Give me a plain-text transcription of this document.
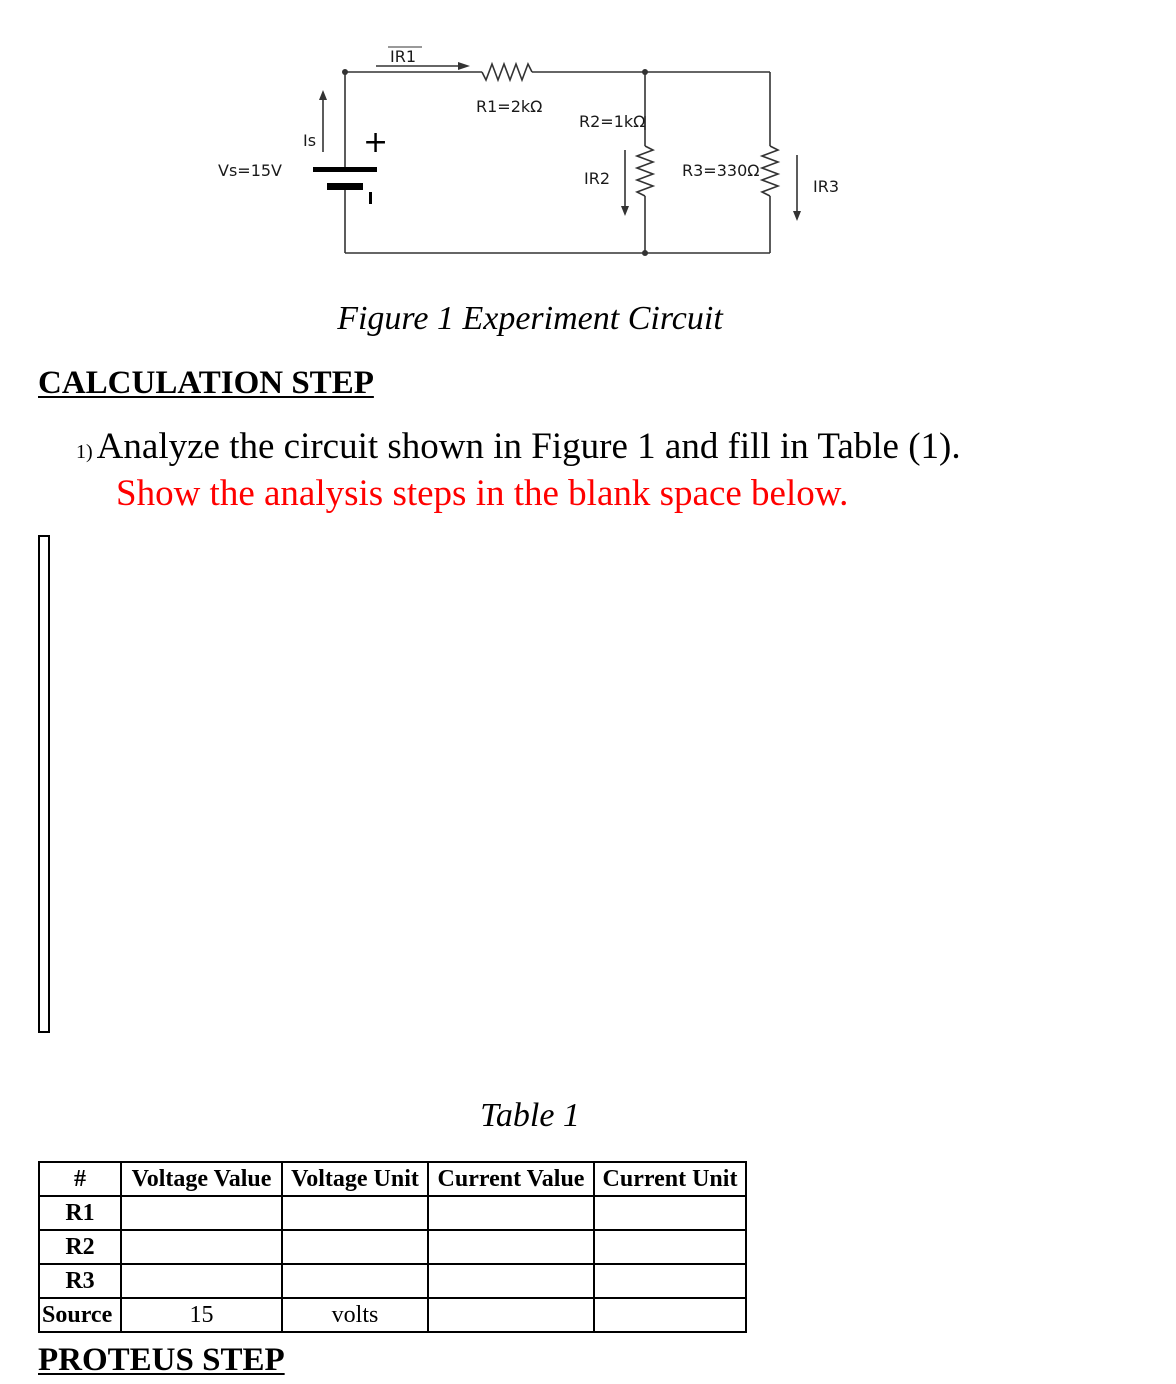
IR1
R1=2kΩ
R2=1kΩ
Is +
Vs=15V	IR2	R3=330Ω
IR3
Figure 1 Experiment Circuit
CALCULATION STEP
1) Analyze the circuit shown in Figure 1 and fill in Table (1).
Show the analysis steps in the blank space below.
Table 1
#	Voltage Value	Voltage Unit	Current Value	Current Unit
R1				
R2				
R3				
Source	15	volts		
PROTEUS STEP
